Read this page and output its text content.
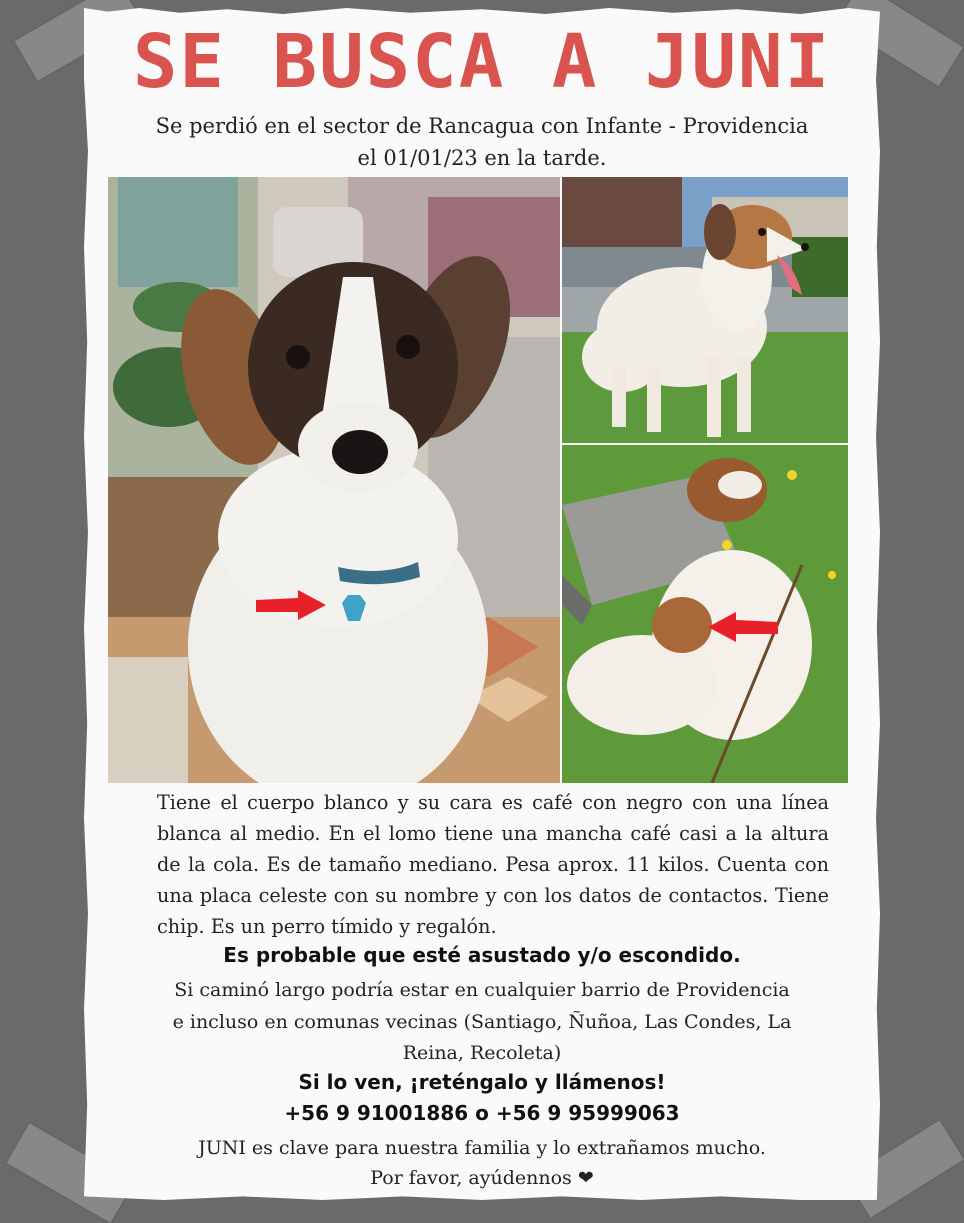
SE BUSCA A JUNI
Se perdió en el sector de Rancagua con Infante - Providencia
el 01/01/23 en la tarde.
Tiene el cuerpo blanco y su cara es café con negro con una línea blanca al medio. En el lomo tiene una mancha café casi a la altura de la cola. Es de tamaño mediano. Pesa aprox. 11 kilos. Cuenta con una placa celeste con su nombre y con los datos de contactos. Tiene chip. Es un perro tímido y regalón.
Es probable que esté asustado y/o escondido.
Si caminó largo podría estar en cualquier barrio de Providencia
e incluso en comunas vecinas (Santiago, Ñuñoa, Las Condes, La
Reina, Recoleta)
Si lo ven, ¡reténgalo y llámenos!
+56 9 91001886 o +56 9 95999063
JUNI es clave para nuestra familia y lo extrañamos mucho.
Por favor, ayúdennos ❤
